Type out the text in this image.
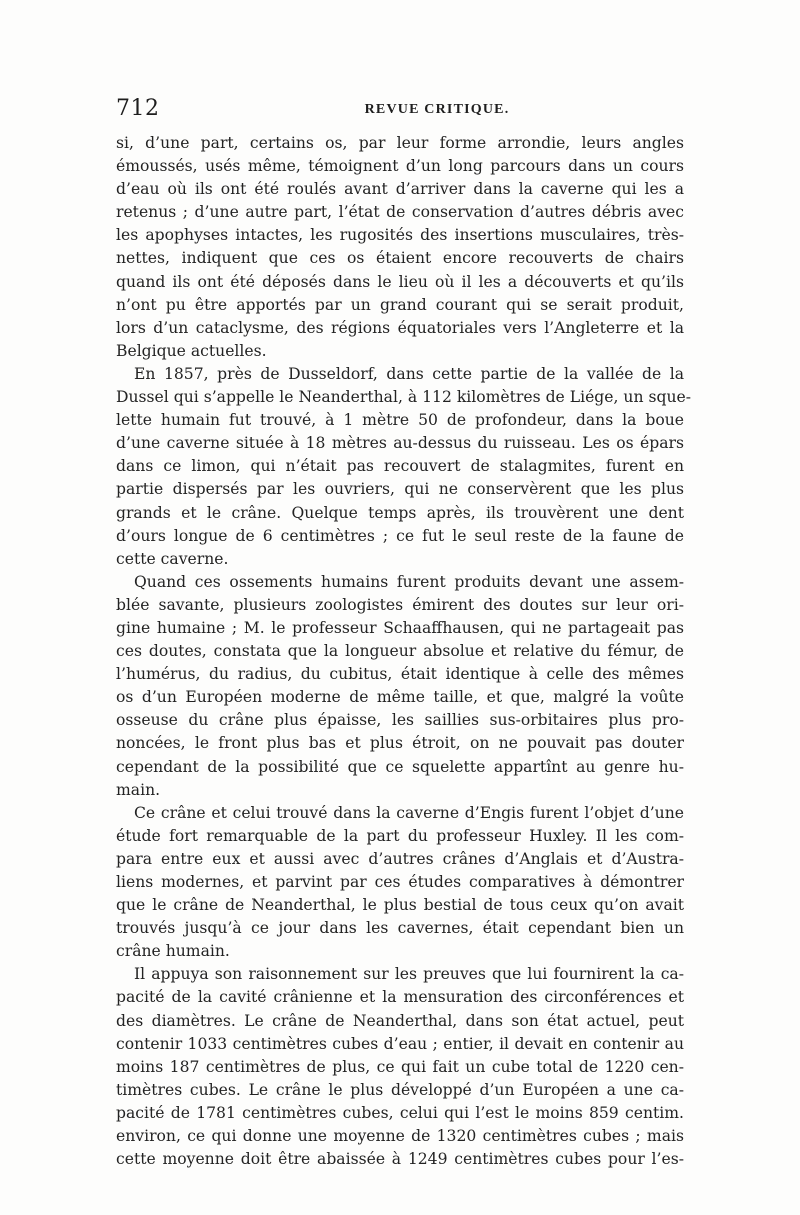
712	REVUE CRITIQUE.
si, d’une part, certains os, par leur forme arrondie, leurs angles
émoussés, usés même, témoignent d’un long parcours dans un cours
d’eau où ils ont été roulés avant d’arriver dans la caverne qui les a
retenus ; d’une autre part, l’état de conservation d’autres débris avec
les apophyses intactes, les rugosités des insertions musculaires, très-
nettes, indiquent que ces os étaient encore recouverts de chairs
quand ils ont été déposés dans le lieu où il les a découverts et qu’ils
n’ont pu être apportés par un grand courant qui se serait produit,
lors d’un cataclysme, des régions équatoriales vers l’Angleterre et la
Belgique actuelles.
En 1857, près de Dusseldorf, dans cette partie de la vallée de la
Dussel qui s’appelle le Neanderthal, à 112 kilomètres de Liége, un sque-
lette humain fut trouvé, à 1 mètre 50 de profondeur, dans la boue
d’une caverne située à 18 mètres au-dessus du ruisseau. Les os épars
dans ce limon, qui n’était pas recouvert de stalagmites, furent en
partie dispersés par les ouvriers, qui ne conservèrent que les plus
grands et le crâne. Quelque temps après, ils trouvèrent une dent
d’ours longue de 6 centimètres ; ce fut le seul reste de la faune de
cette caverne.
Quand ces ossements humains furent produits devant une assem-
blée savante, plusieurs zoologistes émirent des doutes sur leur ori-
gine humaine ; M. le professeur Schaaffhausen, qui ne partageait pas
ces doutes, constata que la longueur absolue et relative du fémur, de
l’humérus, du radius, du cubitus, était identique à celle des mêmes
os d’un Européen moderne de même taille, et que, malgré la voûte
osseuse du crâne plus épaisse, les saillies sus-orbitaires plus pro-
noncées, le front plus bas et plus étroit, on ne pouvait pas douter
cependant de la possibilité que ce squelette appartînt au genre hu-
main.
Ce crâne et celui trouvé dans la caverne d’Engis furent l’objet d’une
étude fort remarquable de la part du professeur Huxley. Il les com-
para entre eux et aussi avec d’autres crânes d’Anglais et d’Austra-
liens modernes, et parvint par ces études comparatives à démontrer
que le crâne de Neanderthal, le plus bestial de tous ceux qu’on avait
trouvés jusqu’à ce jour dans les cavernes, était cependant bien un
crâne humain.
Il appuya son raisonnement sur les preuves que lui fournirent la ca-
pacité de la cavité crânienne et la mensuration des circonférences et
des diamètres. Le crâne de Neanderthal, dans son état actuel, peut
contenir 1033 centimètres cubes d’eau ; entier, il devait en contenir au
moins 187 centimètres de plus, ce qui fait un cube total de 1220 cen-
timètres cubes. Le crâne le plus développé d’un Européen a une ca-
pacité de 1781 centimètres cubes, celui qui l’est le moins 859 centim.
environ, ce qui donne une moyenne de 1320 centimètres cubes ; mais
cette moyenne doit être abaissée à 1249 centimètres cubes pour l’es-
